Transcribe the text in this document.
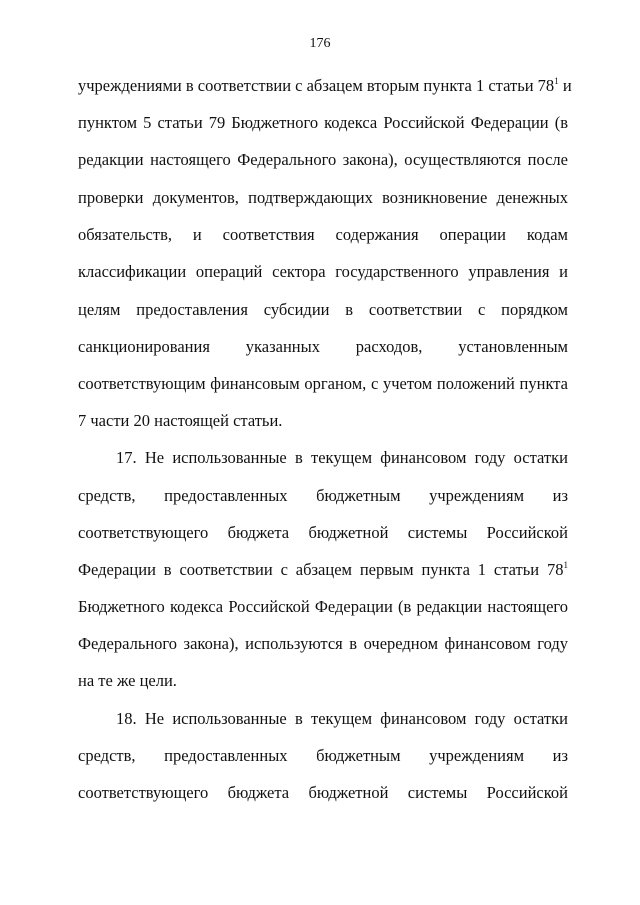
176
учреждениями в соответствии с абзацем вторым пункта 1 статьи $78^1$ и
пунктом 5 статьи 79 Бюджетного кодекса Российской Федерации (в
редакции настоящего Федерального закона), осуществляются после
проверки документов, подтверждающих возникновение денежных
обязательств, и соответствия содержания операции кодам
классификации операций сектора государственного управления и
целям предоставления субсидии в соответствии с порядком
санкционирования указанных расходов, установленным
соответствующим финансовым органом, с учетом положений пункта
7 части 20 настоящей статьи.
17. Не использованные в текущем финансовом году остатки
средств, предоставленных бюджетным учреждениям из
соответствующего бюджета бюджетной системы Российской
Федерации в соответствии с абзацем первым пункта 1 статьи $78^1$
Бюджетного кодекса Российской Федерации (в редакции настоящего
Федерального закона), используются в очередном финансовом году
на те же цели.
18. Не использованные в текущем финансовом году остатки
средств, предоставленных бюджетным учреждениям из
соответствующего бюджета бюджетной системы Российской
